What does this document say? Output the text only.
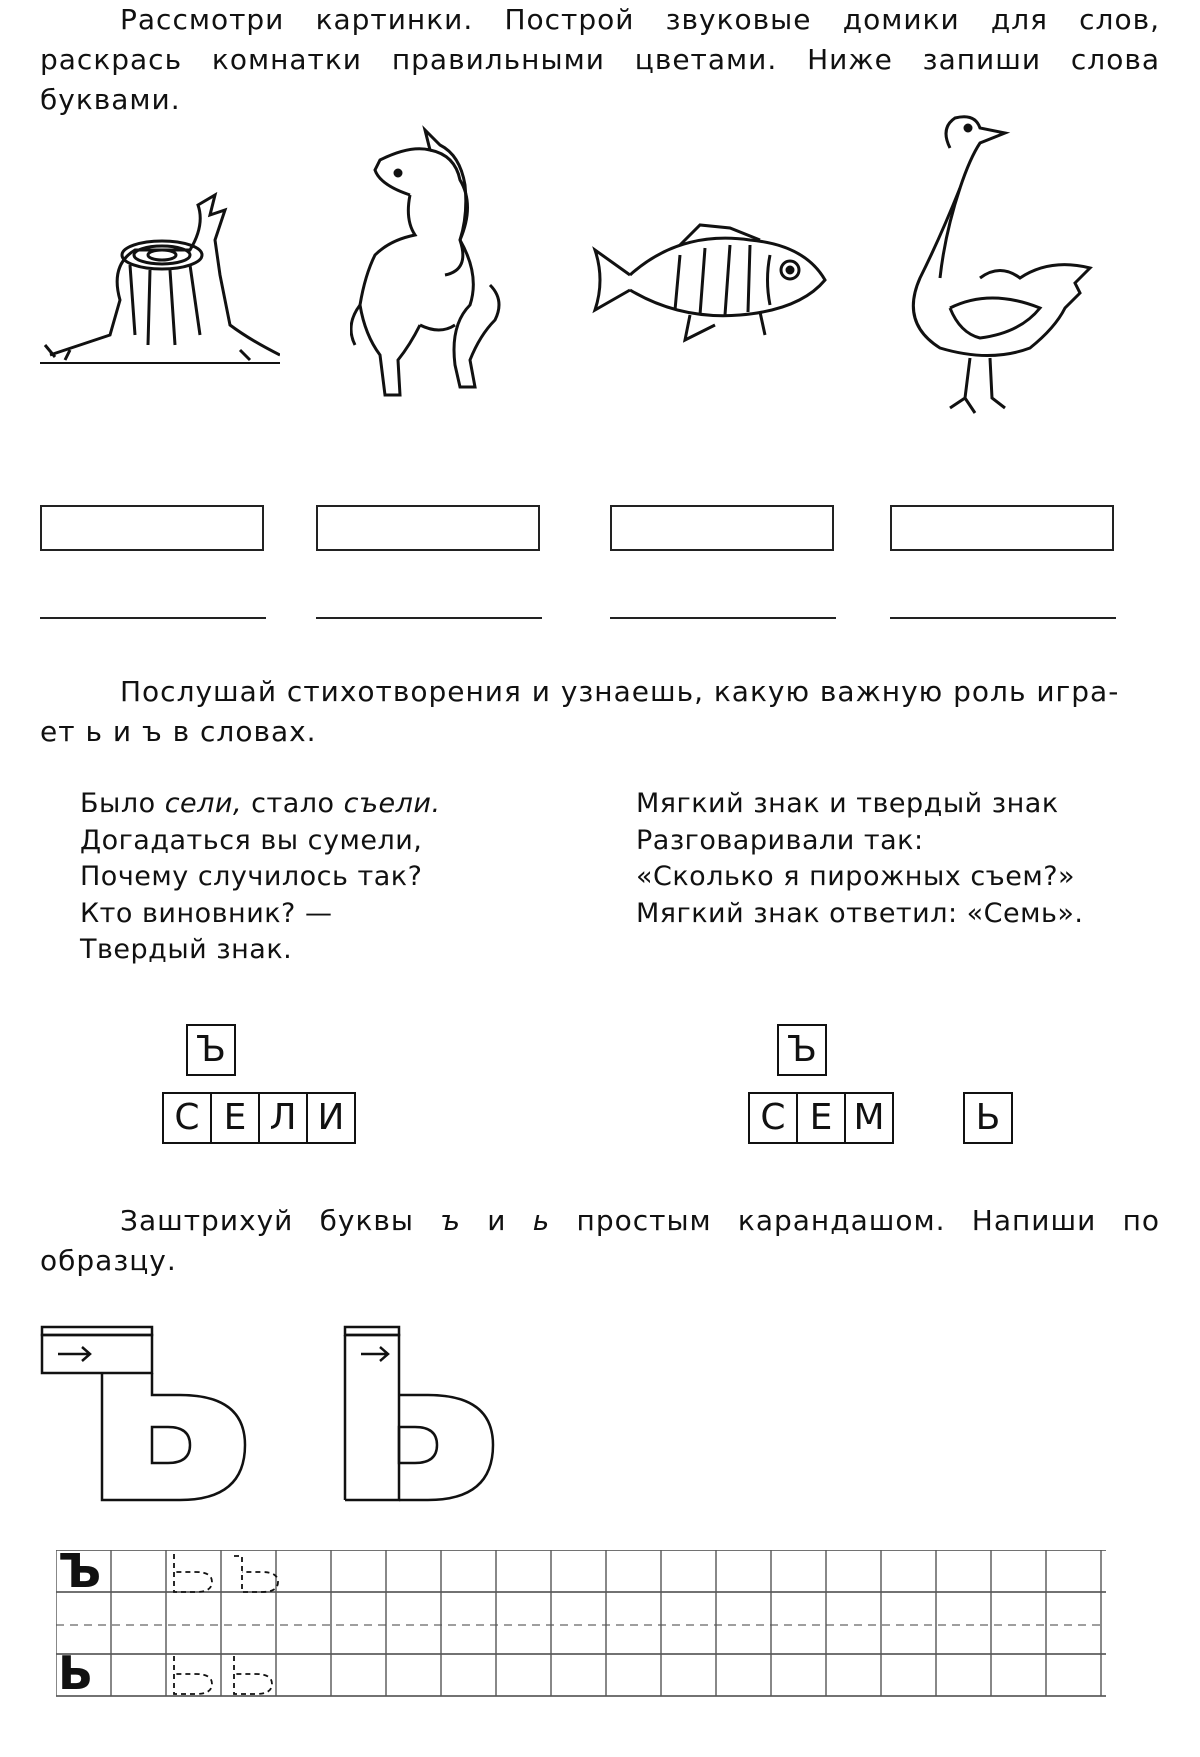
Рассмотри картинки. Построй звуковые домики для слов, раскрась комнатки правильными цветами. Ниже запиши слова буквами.

Послушай стихотворения и узнаешь, какую важную роль игра-
ет ь и ъ в словах.
Было сели, стало съели.
Догадаться вы сумели,
Почему случилось так?
Кто виновник? —
Твердый знак.
Мягкий знак и твердый знак
Разговаривали так:
«Сколько я пирожных съем?»
Мягкий знак ответил: «Семь».
Ъ
С Е Л И
Ъ
С Е М	Ь
Заштрихуй буквы ъ и ь простым карандашом. Напиши по образцу.
Ъ
Ь
